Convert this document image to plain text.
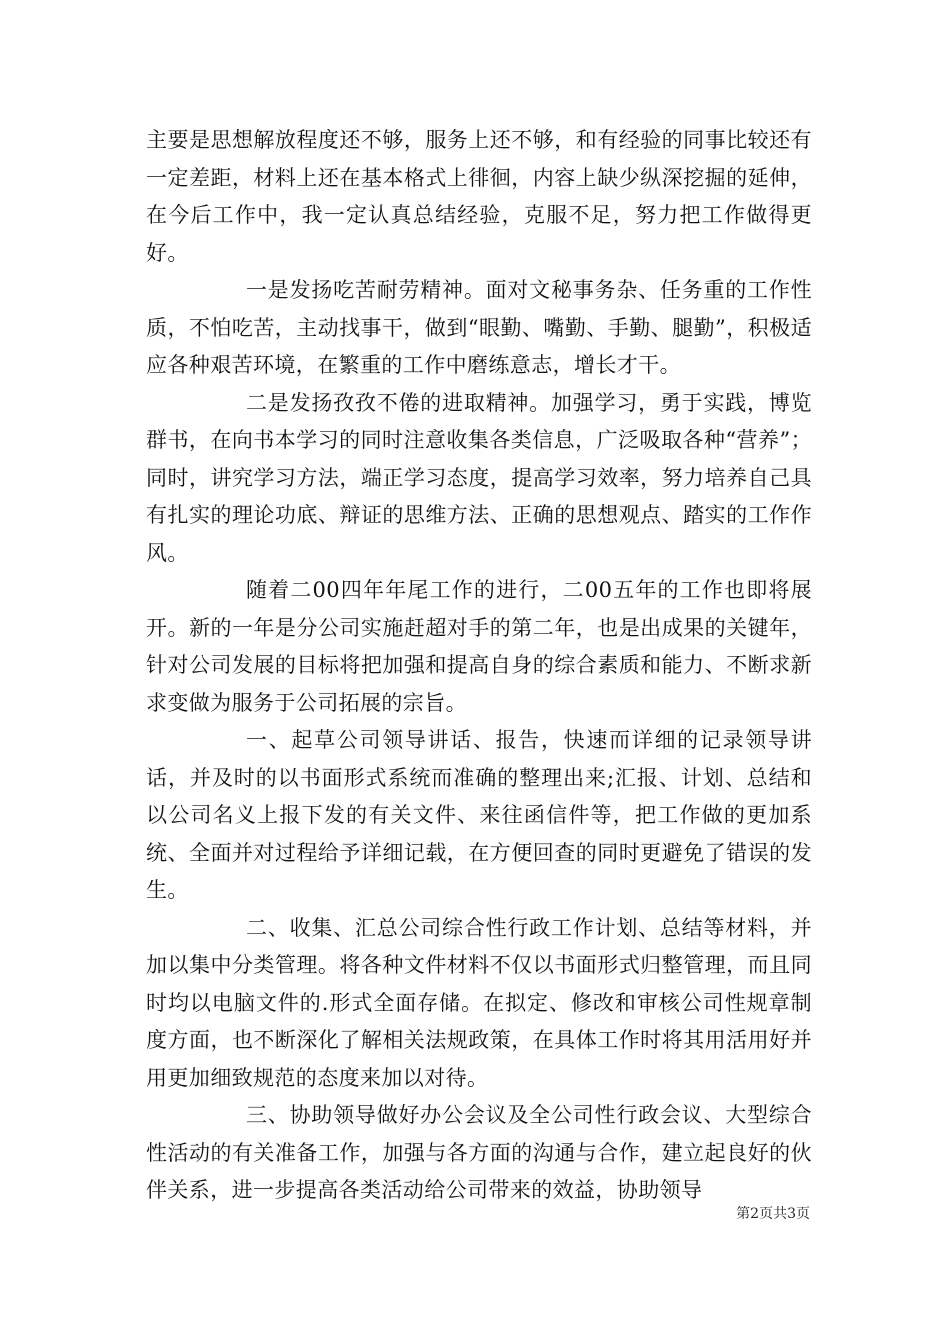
主要是思想解放程度还不够，服务上还不够，和有经验的同事比较还有一定差距，材料上还在基本格式上徘徊，内容上缺少纵深挖掘的延伸，在今后工作中，我一定认真总结经验，克服不足，努力把工作做得更好。

一是发扬吃苦耐劳精神。面对文秘事务杂、任务重的工作性质，不怕吃苦，主动找事干，做到“眼勤、嘴勤、手勤、腿勤”，积极适应各种艰苦环境，在繁重的工作中磨练意志，增长才干。

二是发扬孜孜不倦的进取精神。加强学习，勇于实践，博览群书，在向书本学习的同时注意收集各类信息，广泛吸取各种“营养”；同时，讲究学习方法，端正学习态度，提高学习效率，努力培养自己具有扎实的理论功底、辩证的思维方法、正确的思想观点、踏实的工作作风。

随着二00四年年尾工作的进行，二00五年的工作也即将展开。新的一年是分公司实施赶超对手的第二年，也是出成果的关键年，针对公司发展的目标将把加强和提高自身的综合素质和能力、不断求新求变做为服务于公司拓展的宗旨。

一、起草公司领导讲话、报告，快速而详细的记录领导讲话，并及时的以书面形式系统而准确的整理出来;汇报、计划、总结和以公司名义上报下发的有关文件、来往函信件等，把工作做的更加系统、全面并对过程给予详细记载，在方便回查的同时更避免了错误的发生。

二、收集、汇总公司综合性行政工作计划、总结等材料，并加以集中分类管理。将各种文件材料不仅以书面形式归整管理，而且同时均以电脑文件的.形式全面存储。在拟定、修改和审核公司性规章制度方面，也不断深化了解相关法规政策，在具体工作时将其用活用好并用更加细致规范的态度来加以对待。

三、协助领导做好办公会议及全公司性行政会议、大型综合性活动的有关准备工作，加强与各方面的沟通与合作，建立起良好的伙伴关系，进一步提高各类活动给公司带来的效益，协助领导

第2页共3页
